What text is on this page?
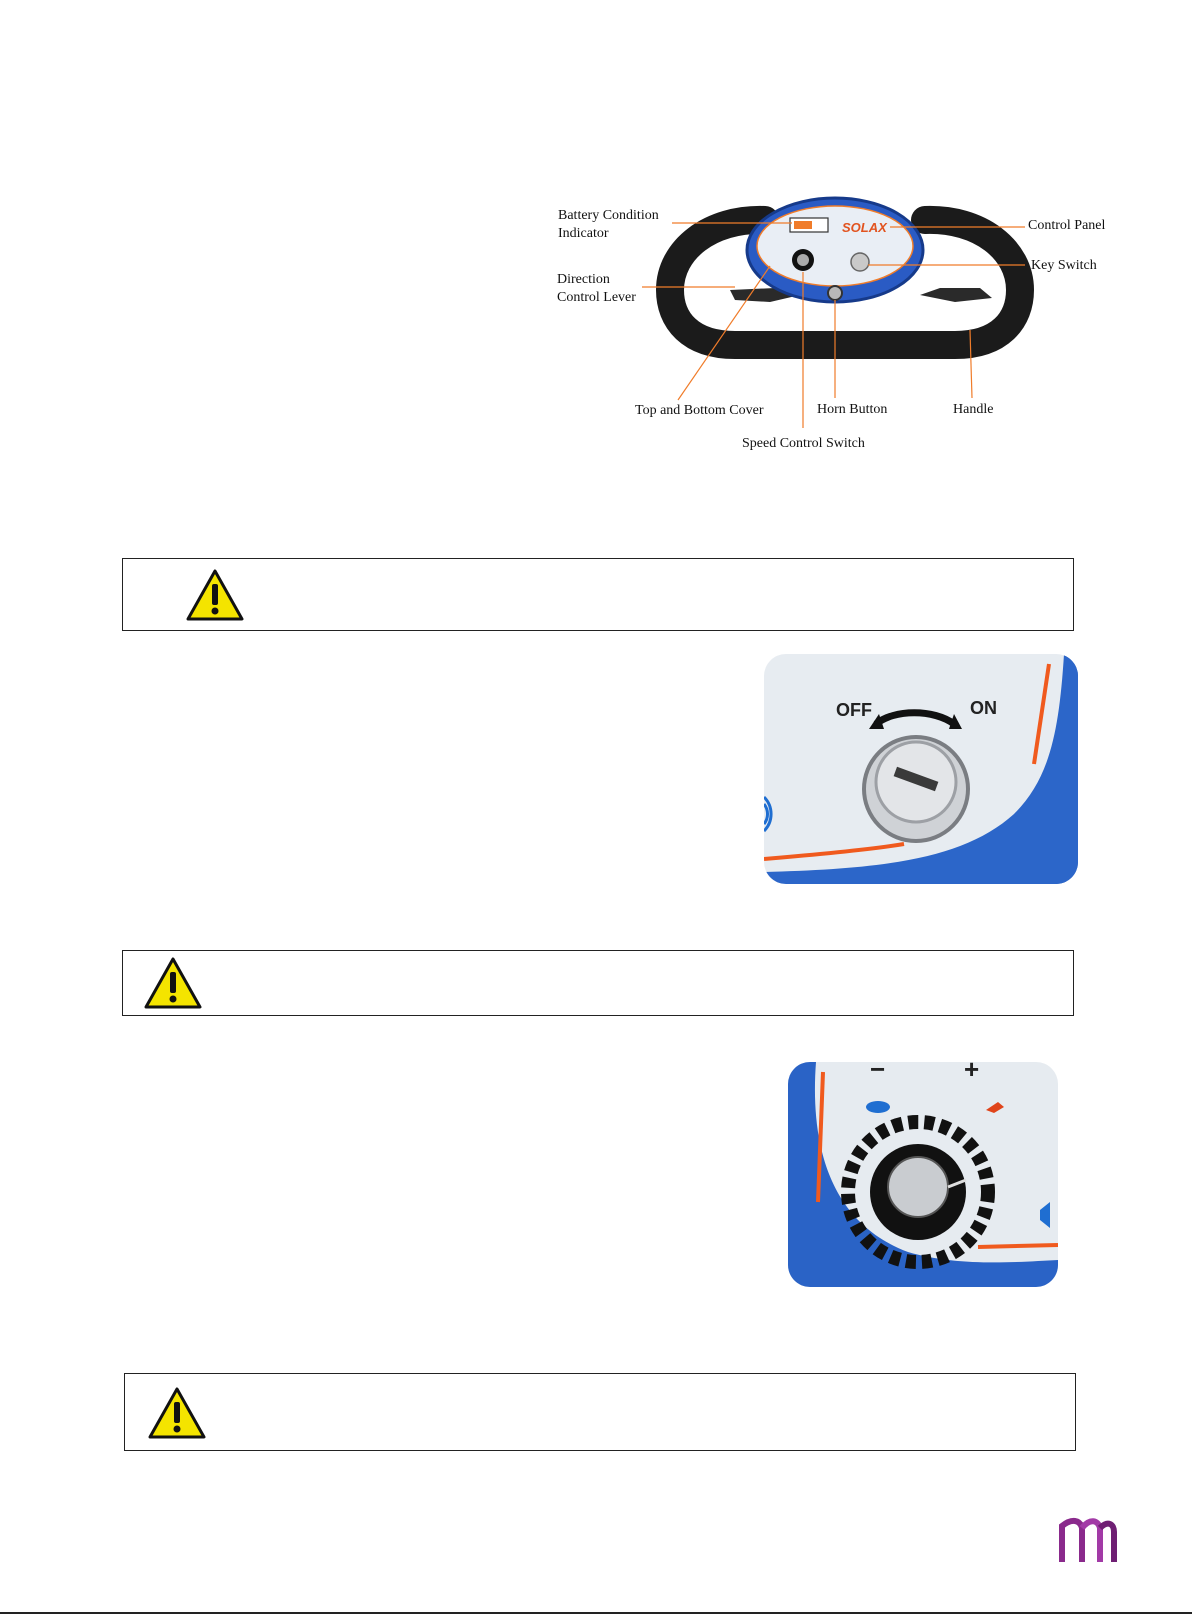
SOLAX
Battery Condition
Indicator
Direction
Control Lever
Control Panel
Key Switch
Top and Bottom Cover	Horn Button	Handle
Speed Control Switch
OFF	ON
−	+
